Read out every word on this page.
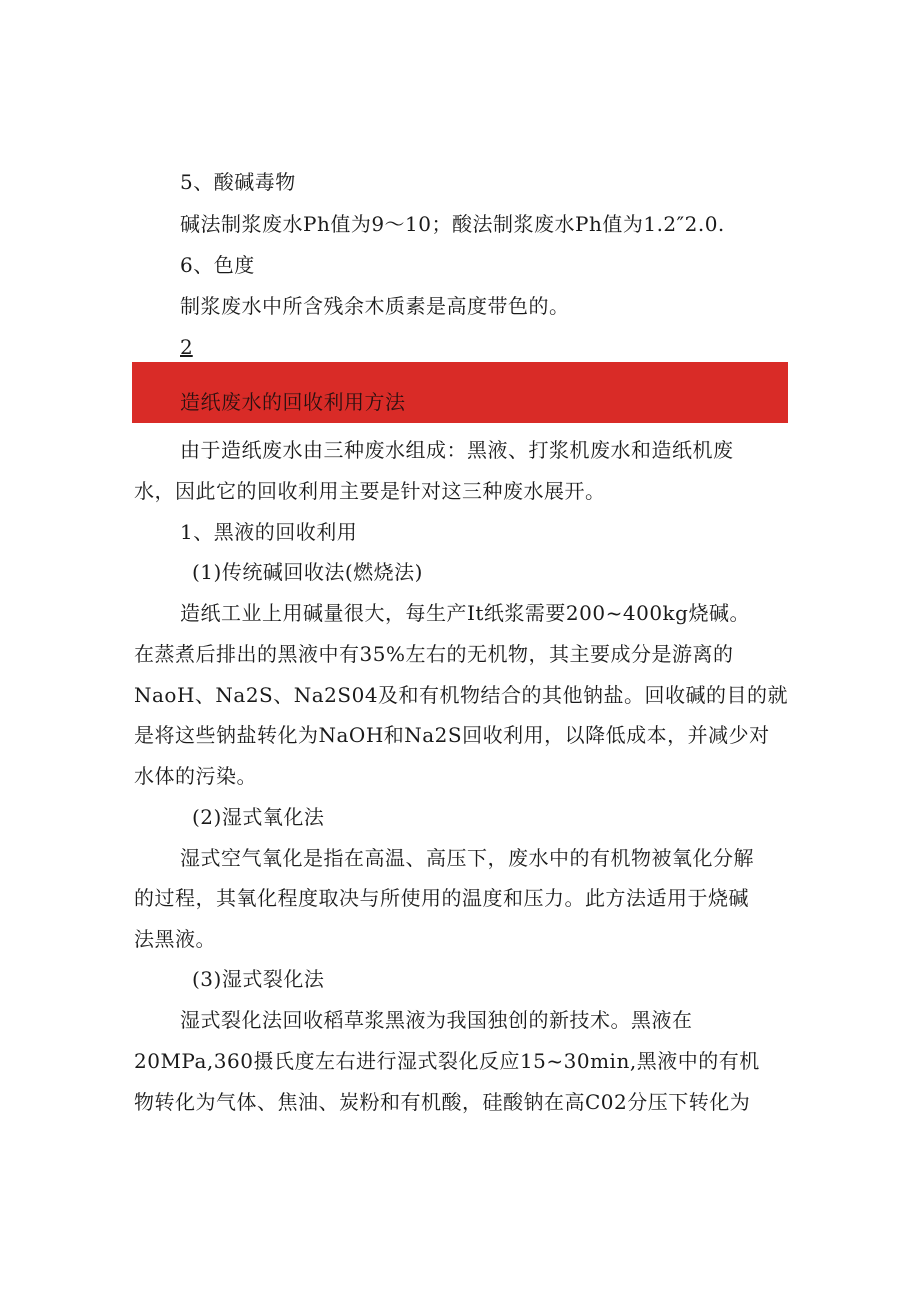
5、酸碱毒物
碱法制浆废水Ph值为9～10；酸法制浆废水Ph值为1.2″2.0.
6、色度
制浆废水中所含残余木质素是高度带色的。
2
造纸废水的回收利用方法
由于造纸废水由三种废水组成：黑液、打浆机废水和造纸机废
水，因此它的回收利用主要是针对这三种废水展开。
1、黑液的回收利用
(1)传统碱回收法(燃烧法)
造纸工业上用碱量很大，每生产It纸浆需要200~400kg烧碱。
在蒸煮后排出的黑液中有35%左右的无机物，其主要成分是游离的
NaoH、Na2S、Na2S04及和有机物结合的其他钠盐。回收碱的目的就
是将这些钠盐转化为NaOH和Na2S回收利用，以降低成本，并减少对
水体的污染。
(2)湿式氧化法
湿式空气氧化是指在高温、高压下，废水中的有机物被氧化分解
的过程，其氧化程度取决与所使用的温度和压力。此方法适用于烧碱
法黑液。
(3)湿式裂化法
湿式裂化法回收稻草浆黑液为我国独创的新技术。黑液在
20MPa,360摄氏度左右进行湿式裂化反应15~30min,黑液中的有机
物转化为气体、焦油、炭粉和有机酸，硅酸钠在高C02分压下转化为
